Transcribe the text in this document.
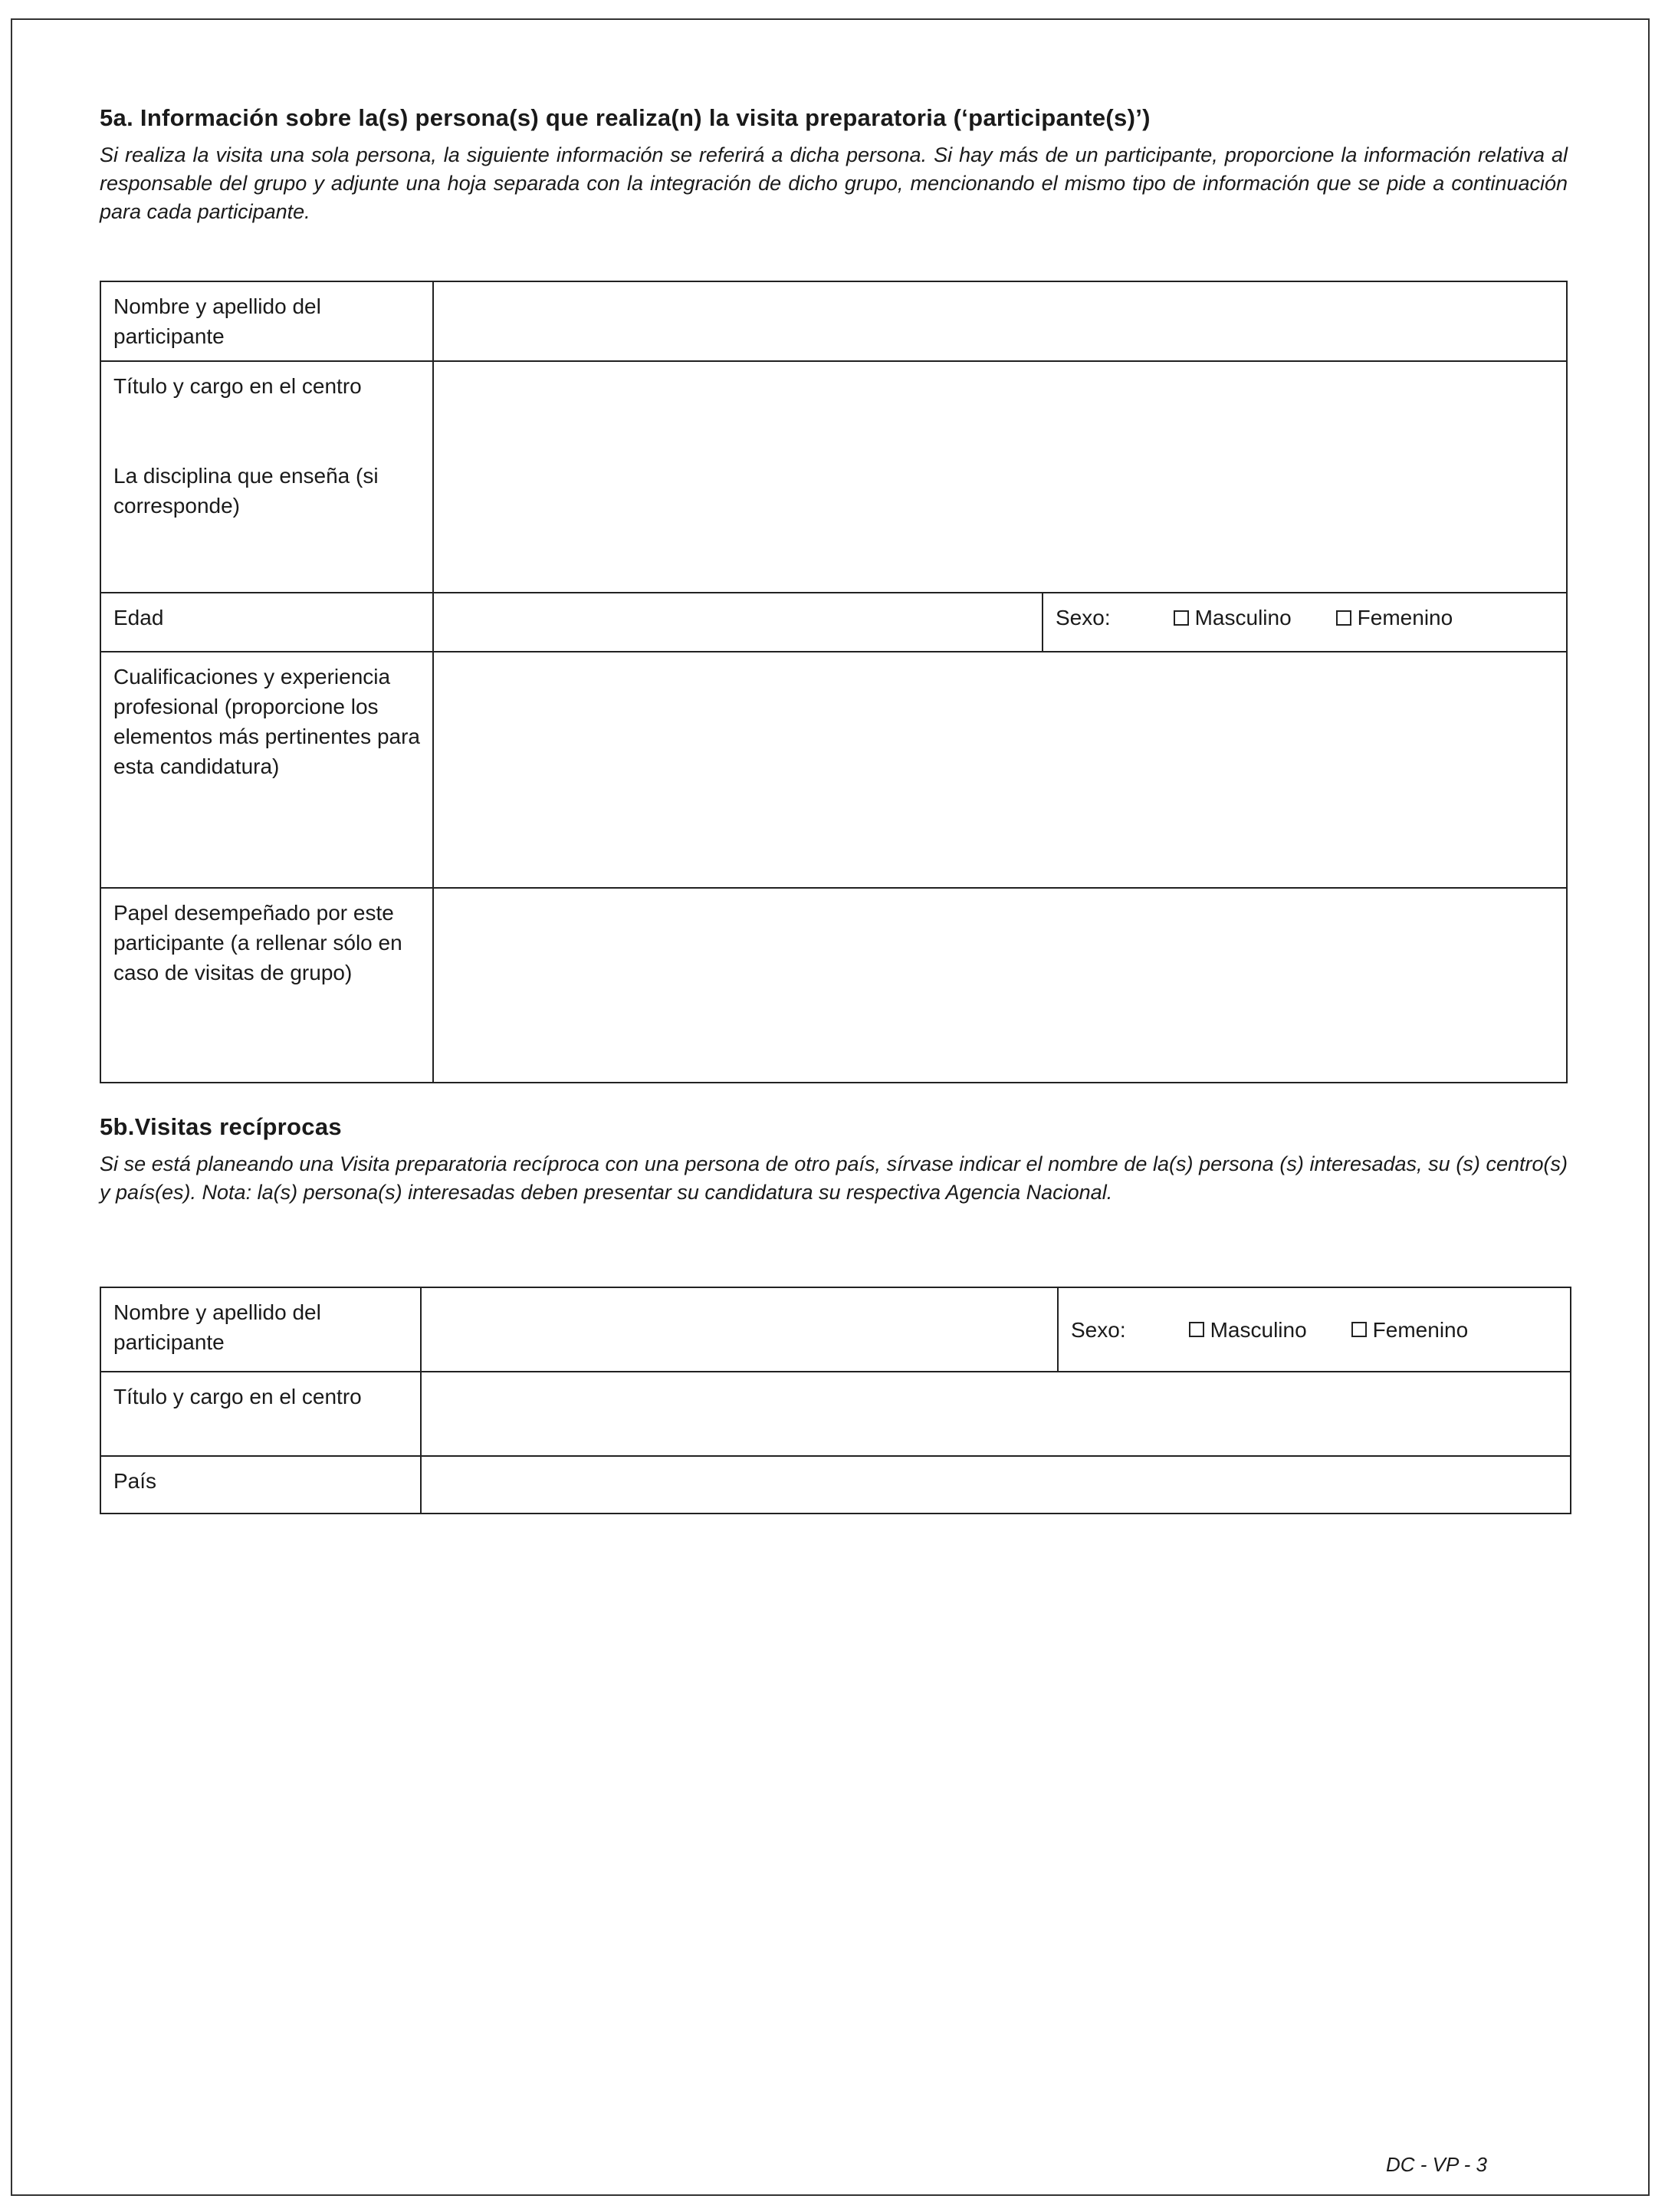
5a. Información sobre la(s) persona(s) que realiza(n) la visita preparatoria (‘participante(s)’)
Si realiza la visita una sola persona, la siguiente información se referirá a dicha persona. Si hay más de un participante, proporcione la información relativa al responsable del grupo y adjunte una hoja separada con la integración de dicho grupo, mencionando el mismo tipo de información que se pide a continuación para cada participante.
Nombre y apellido del participante		

Título y cargo en el centro
La disciplina que enseña (si corresponde)		

Edad		Sexo: Masculino Femenino

Cualificaciones y experiencia profesional (proporcione los elementos más pertinentes para esta candidatura)		
Papel desempeñado por este participante (a rellenar sólo en caso de visitas de grupo)		
5b.Visitas recíprocas
Si se está planeando una Visita preparatoria recíproca con una persona de otro país, sírvase indicar el nombre de la(s) persona (s) interesadas, su (s) centro(s) y país(es). Nota: la(s) persona(s) interesadas deben presentar su candidatura su respectiva Agencia Nacional.
Nombre y apellido del participante		Sexo: Masculino Femenino

Título y cargo en el centro		
País		
DC - VP - 3
